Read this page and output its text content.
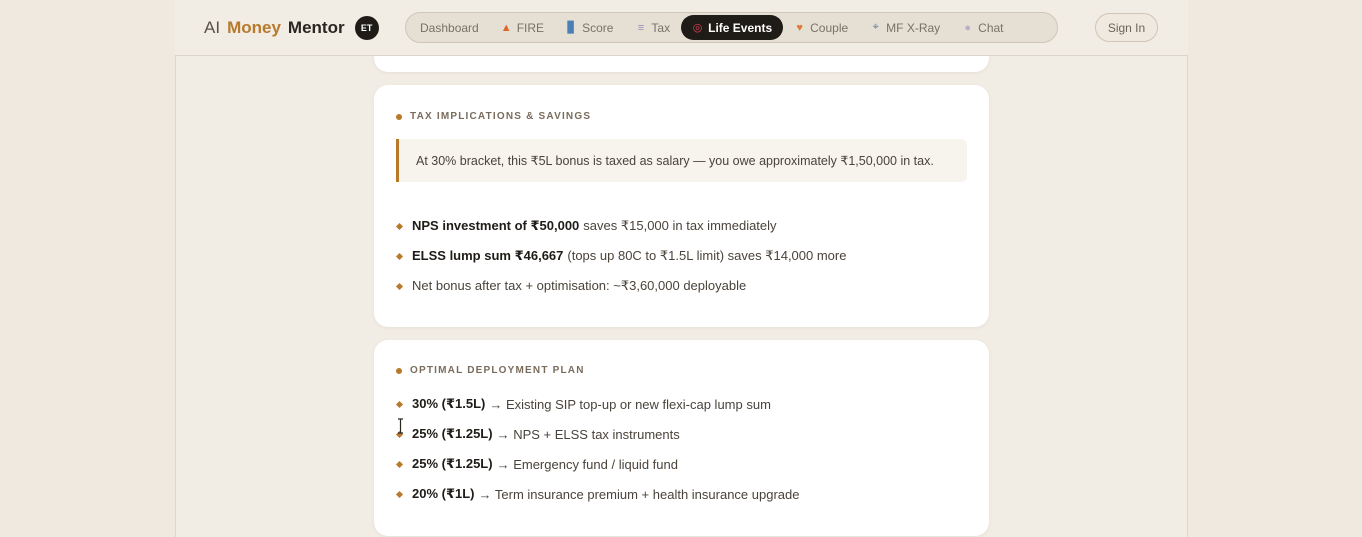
AI Money Mentor	ET	Dashboard ▲ FIRE ▊ Score ≡ Tax ◎ Life Events ♥ Couple ⌖ MF X-Ray ● Chat	Sign In
TAX IMPLICATIONS & SAVINGS
At 30% bracket, this ₹5L bonus is taxed as salary — you owe approximately ₹1,50,000 in tax.
NPS investment of ₹50,000 saves ₹15,000 in tax immediately
ELSS lump sum ₹46,667 (tops up 80C to ₹1.5L limit) saves ₹14,000 more
Net bonus after tax + optimisation: ~₹3,60,000 deployable
OPTIMAL DEPLOYMENT PLAN
30% (₹1.5L) → Existing SIP top-up or new flexi-cap lump sum
25% (₹1.25L) → NPS + ELSS tax instruments
25% (₹1.25L) → Emergency fund / liquid fund
20% (₹1L) → Term insurance premium + health insurance upgrade
